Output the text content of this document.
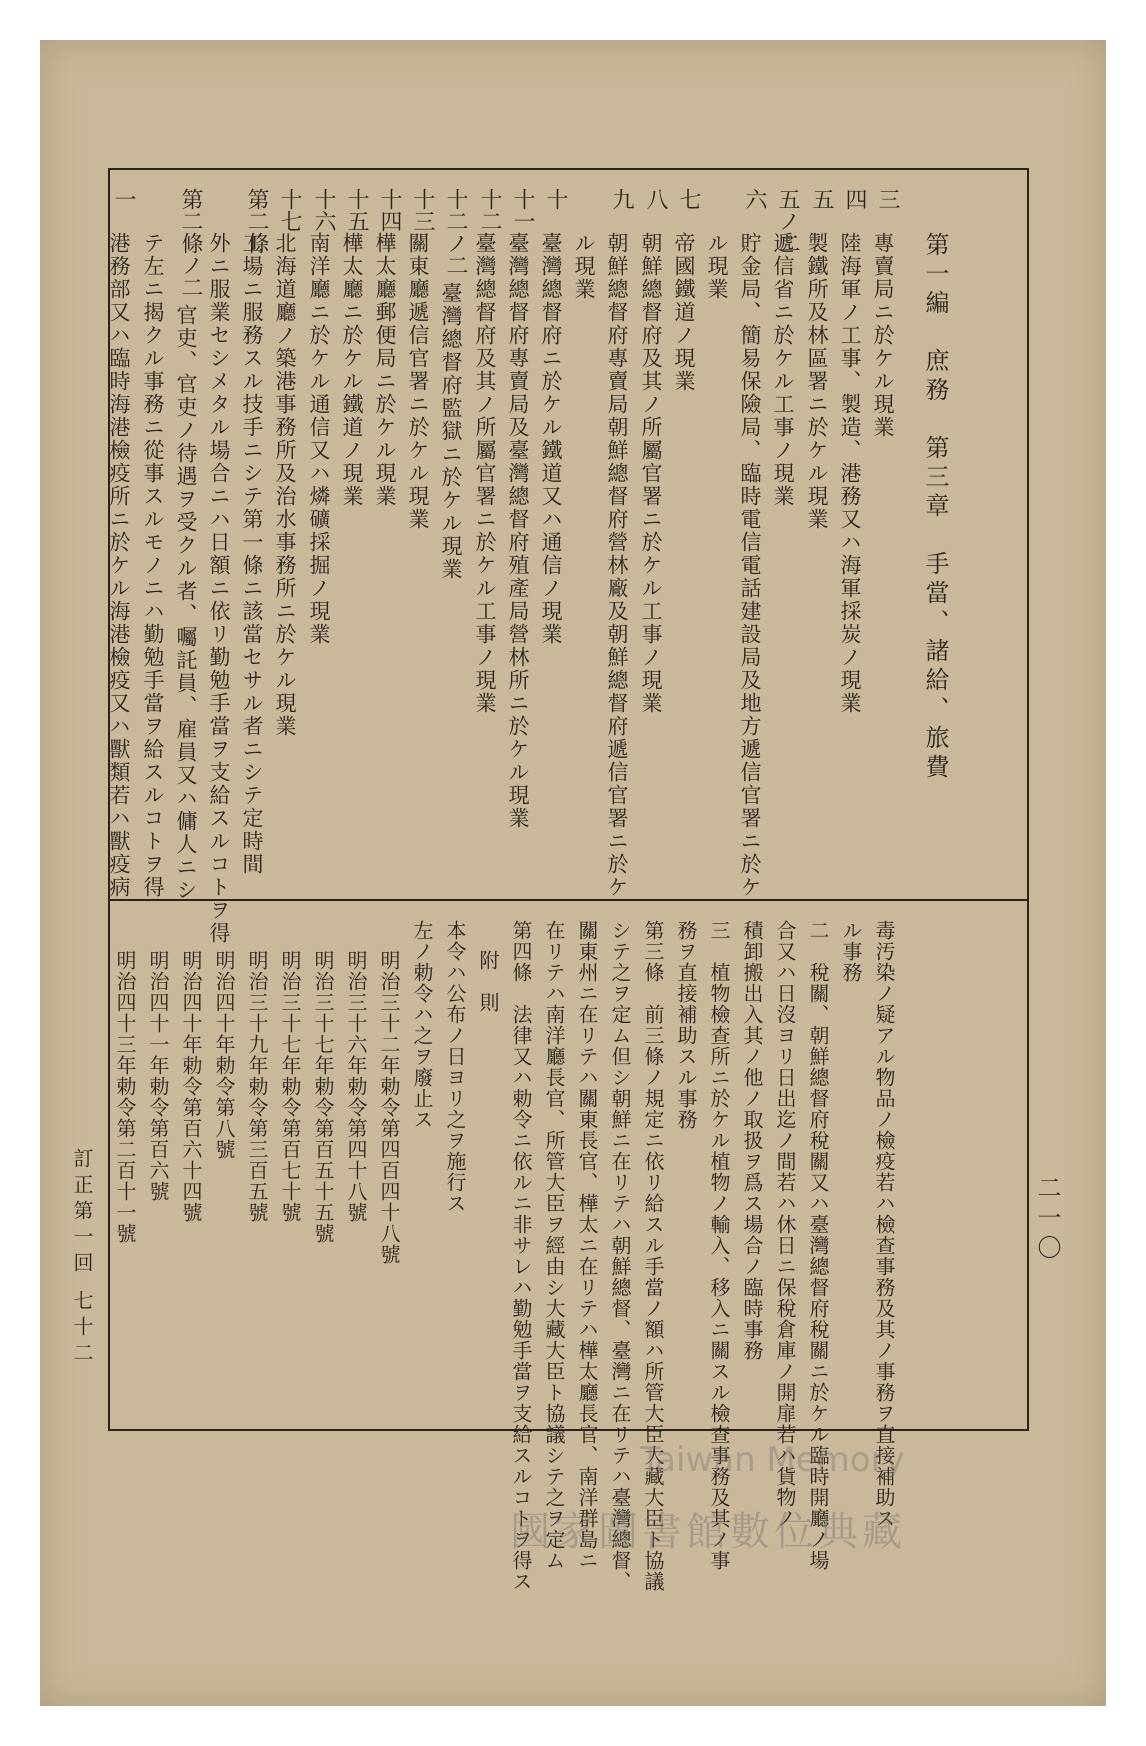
第一編　庶務　第三章　手當、諸給、旅費
二一〇
訂正第一回
七十二
三
專賣局ニ於ケル現業
四
陸海軍ノ工事、製造、港務又ハ海軍採炭ノ現業
五
製鐵所及林區署ニ於ケル現業
五ノ二
遞信省ニ於ケル工事ノ現業
六
貯金局、簡易保險局、臨時電信電話建設局及地方遞信官署ニ於ケ
ル現業
七
帝國鐵道ノ現業
八
朝鮮總督府及其ノ所屬官署ニ於ケル工事ノ現業
九
朝鮮總督府專賣局朝鮮總督府營林廠及朝鮮總督府遞信官署ニ於ケ
ル現業
十
臺灣總督府ニ於ケル鐵道又ハ通信ノ現業
十一
臺灣總督府專賣局及臺灣總督府殖產局營林所ニ於ケル現業
十二
臺灣總督府及其ノ所屬官署ニ於ケル工事ノ現業
十二ノ二
臺灣總督府監獄ニ於ケル現業
十三
關東廳遞信官署ニ於ケル現業
十四
樺太廳郵便局ニ於ケル現業
十五
樺太廳ニ於ケル鐵道ノ現業
十六
南洋廳ニ於ケル通信又ハ燐礦採掘ノ現業
十七
北海道廳ノ築港事務所及治水事務所ニ於ケル現業
第二條
工場ニ服務スル技手ニシテ第一條ニ該當セサル者ニシテ定時間
外ニ服業セシメタル場合ニハ日額ニ依リ勤勉手當ヲ支給スルコトヲ得
第二條ノ二
官吏、官吏ノ待遇ヲ受クル者、囑託員、雇員又ハ傭人ニシ
テ左ニ揭クル事務ニ從事スルモノニハ勤勉手當ヲ給スルコトヲ得
一
港務部又ハ臨時海港檢疫所ニ於ケル海港檢疫又ハ獸類若ハ獸疫病
毒汚染ノ疑アル物品ノ檢疫若ハ檢查事務及其ノ事務ヲ直接補助ス
ル事務
二　稅關、朝鮮總督府稅關又ハ臺灣總督府稅關ニ於ケル臨時開廳ノ場
合又ハ日沒ヨリ日出迄ノ間若ハ休日ニ保稅倉庫ノ開扉若ハ貨物ノ
積卸搬出入其ノ他ノ取扱ヲ爲ス場合ノ臨時事務
三　植物檢查所ニ於ケル植物ノ輸入、移入ニ關スル檢查事務及其ノ事
務ヲ直接補助スル事務
第三條　前三條ノ規定ニ依リ給スル手當ノ額ハ所管大臣大藏大臣ト協議
シテ之ヲ定ム但シ朝鮮ニ在リテハ朝鮮總督、臺灣ニ在リテハ臺灣總督、
關東州ニ在リテハ關東長官、樺太ニ在リテハ樺太廳長官、南洋群島ニ
在リテハ南洋廳長官、所管大臣ヲ經由シ大藏大臣ト協議シテ之ヲ定ム
第四條　法律又ハ勅令ニ依ルニ非サレハ勤勉手當ヲ支給スルコトヲ得ス
附　則
本令ハ公布ノ日ヨリ之ヲ施行ス
左ノ勅令ハ之ヲ廢止ス
明治三十二年勅令第四百四十八號
明治三十六年勅令第四十八號
明治三十七年勅令第百五十五號
明治三十七年勅令第百七十號
明治三十九年勅令第三百五號
明治四十年勅令第八號
明治四十年勅令第百六十四號
明治四十一年勅令第百六號
明治四十三年勅令第二百十一號
Taiwan Memory
國家圖書館數位典藏
